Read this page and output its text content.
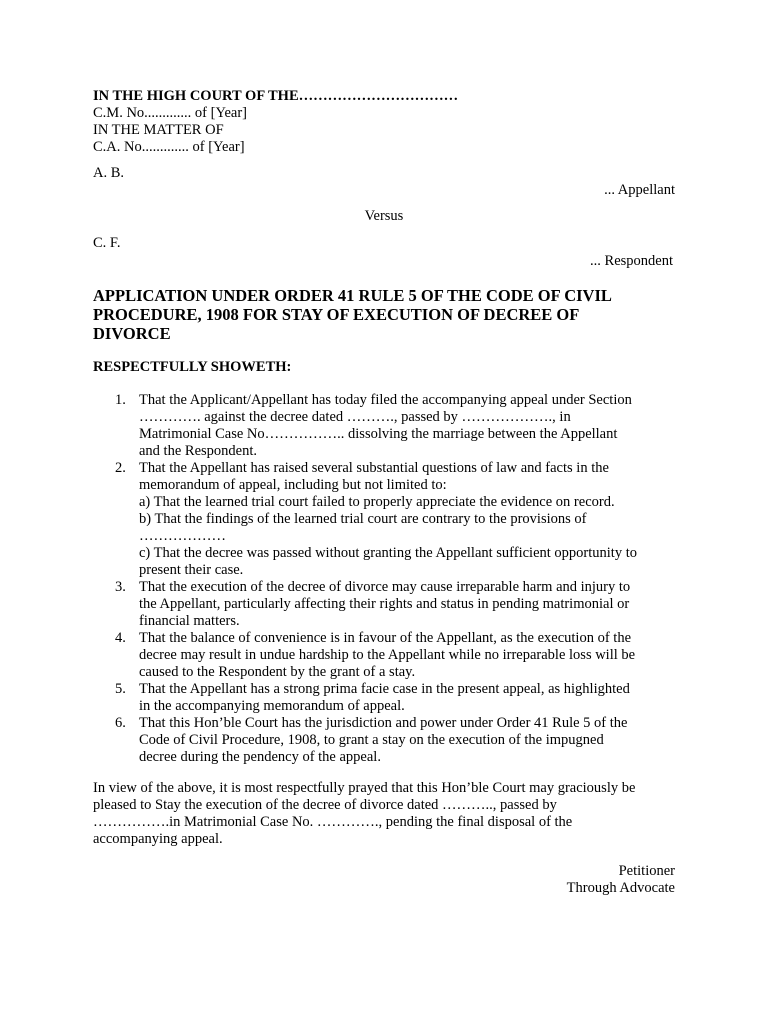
IN THE HIGH COURT OF THE……………………………
C.M. No............. of [Year]
IN THE MATTER OF
C.A. No............. of [Year]
A. B.
... Appellant
Versus
C. F.
... Respondent
APPLICATION UNDER ORDER 41 RULE 5 OF THE CODE OF CIVIL
PROCEDURE, 1908 FOR STAY OF EXECUTION OF DECREE OF
DIVORCE
RESPECTFULLY SHOWETH:
1. That the Applicant/Appellant has today filed the accompanying appeal under Section
…………. against the decree dated ………., passed by ………………., in
Matrimonial Case No…………….. dissolving the marriage between the Appellant
and the Respondent.
2. That the Appellant has raised several substantial questions of law and facts in the
memorandum of appeal, including but not limited to:
a) That the learned trial court failed to properly appreciate the evidence on record.
b) That the findings of the learned trial court are contrary to the provisions of
………………
c) That the decree was passed without granting the Appellant sufficient opportunity to
present their case.
3. That the execution of the decree of divorce may cause irreparable harm and injury to
the Appellant, particularly affecting their rights and status in pending matrimonial or
financial matters.
4. That the balance of convenience is in favour of the Appellant, as the execution of the
decree may result in undue hardship to the Appellant while no irreparable loss will be
caused to the Respondent by the grant of a stay.
5. That the Appellant has a strong prima facie case in the present appeal, as highlighted
in the accompanying memorandum of appeal.
6. That this Hon’ble Court has the jurisdiction and power under Order 41 Rule 5 of the
Code of Civil Procedure, 1908, to grant a stay on the execution of the impugned
decree during the pendency of the appeal.
In view of the above, it is most respectfully prayed that this Hon’ble Court may graciously be
pleased to Stay the execution of the decree of divorce dated ……….., passed by
…………….in Matrimonial Case No. …………., pending the final disposal of the
accompanying appeal.
Petitioner
Through Advocate
